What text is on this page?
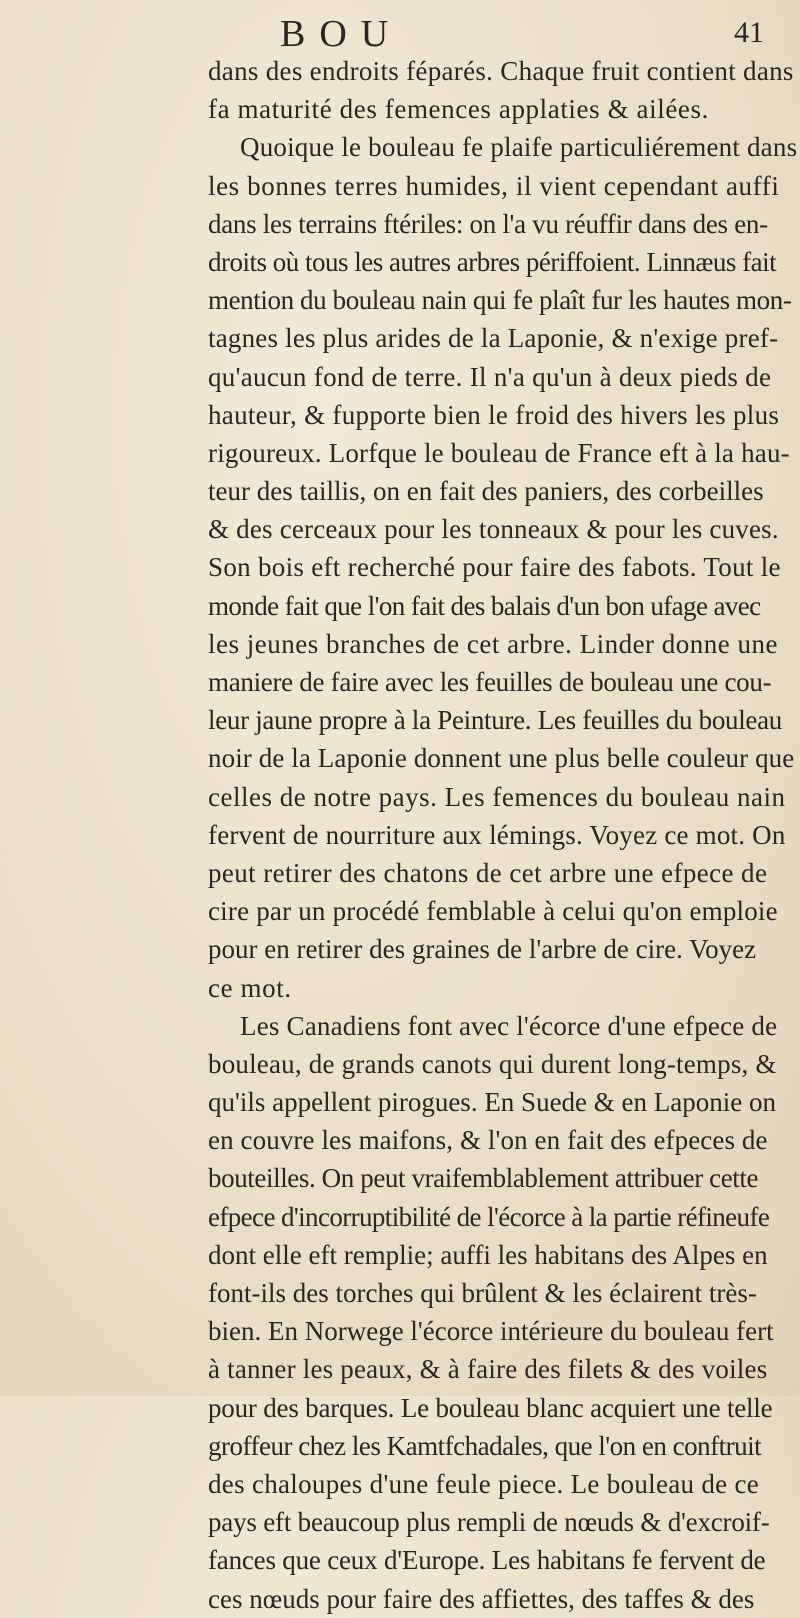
BOU	41
dans des endroits féparés. Chaque fruit contient dans
fa maturité des femences applaties & ailées.
Quoique le bouleau fe plaife particuliérement dans
les bonnes terres humides, il vient cependant auffi
dans les terrains ftériles: on l'a vu réuffir dans des en-
droits où tous les autres arbres périffoient. Linnæus fait
mention du bouleau nain qui fe plaît fur les hautes mon-
tagnes les plus arides de la Laponie, & n'exige pref-
qu'aucun fond de terre. Il n'a qu'un à deux pieds de
hauteur, & fupporte bien le froid des hivers les plus
rigoureux. Lorfque le bouleau de France eft à la hau-
teur des taillis, on en fait des paniers, des corbeilles
& des cerceaux pour les tonneaux & pour les cuves.
Son bois eft recherché pour faire des fabots. Tout le
monde fait que l'on fait des balais d'un bon ufage avec
les jeunes branches de cet arbre. Linder donne une
maniere de faire avec les feuilles de bouleau une cou-
leur jaune propre à la Peinture. Les feuilles du bouleau
noir de la Laponie donnent une plus belle couleur que
celles de notre pays. Les femences du bouleau nain
fervent de nourriture aux lémings. Voyez ce mot. On
peut retirer des chatons de cet arbre une efpece de
cire par un procédé femblable à celui qu'on emploie
pour en retirer des graines de l'arbre de cire. Voyez
ce mot.
Les Canadiens font avec l'écorce d'une efpece de
bouleau, de grands canots qui durent long-temps, &
qu'ils appellent pirogues. En Suede & en Laponie on
en couvre les maifons, & l'on en fait des efpeces de
bouteilles. On peut vraifemblablement attribuer cette
efpece d'incorruptibilité de l'écorce à la partie réfineufe
dont elle eft remplie; auffi les habitans des Alpes en
font-ils des torches qui brûlent & les éclairent très-
bien. En Norwege l'écorce intérieure du bouleau fert
à tanner les peaux, & à faire des filets & des voiles
pour des barques. Le bouleau blanc acquiert une telle
groffeur chez les Kamtfchadales, que l'on en conftruit
des chaloupes d'une feule piece. Le bouleau de ce
pays eft beaucoup plus rempli de nœuds & d'excroif-
fances que ceux d'Europe. Les habitans fe fervent de
ces nœuds pour faire des affiettes, des taffes & des
